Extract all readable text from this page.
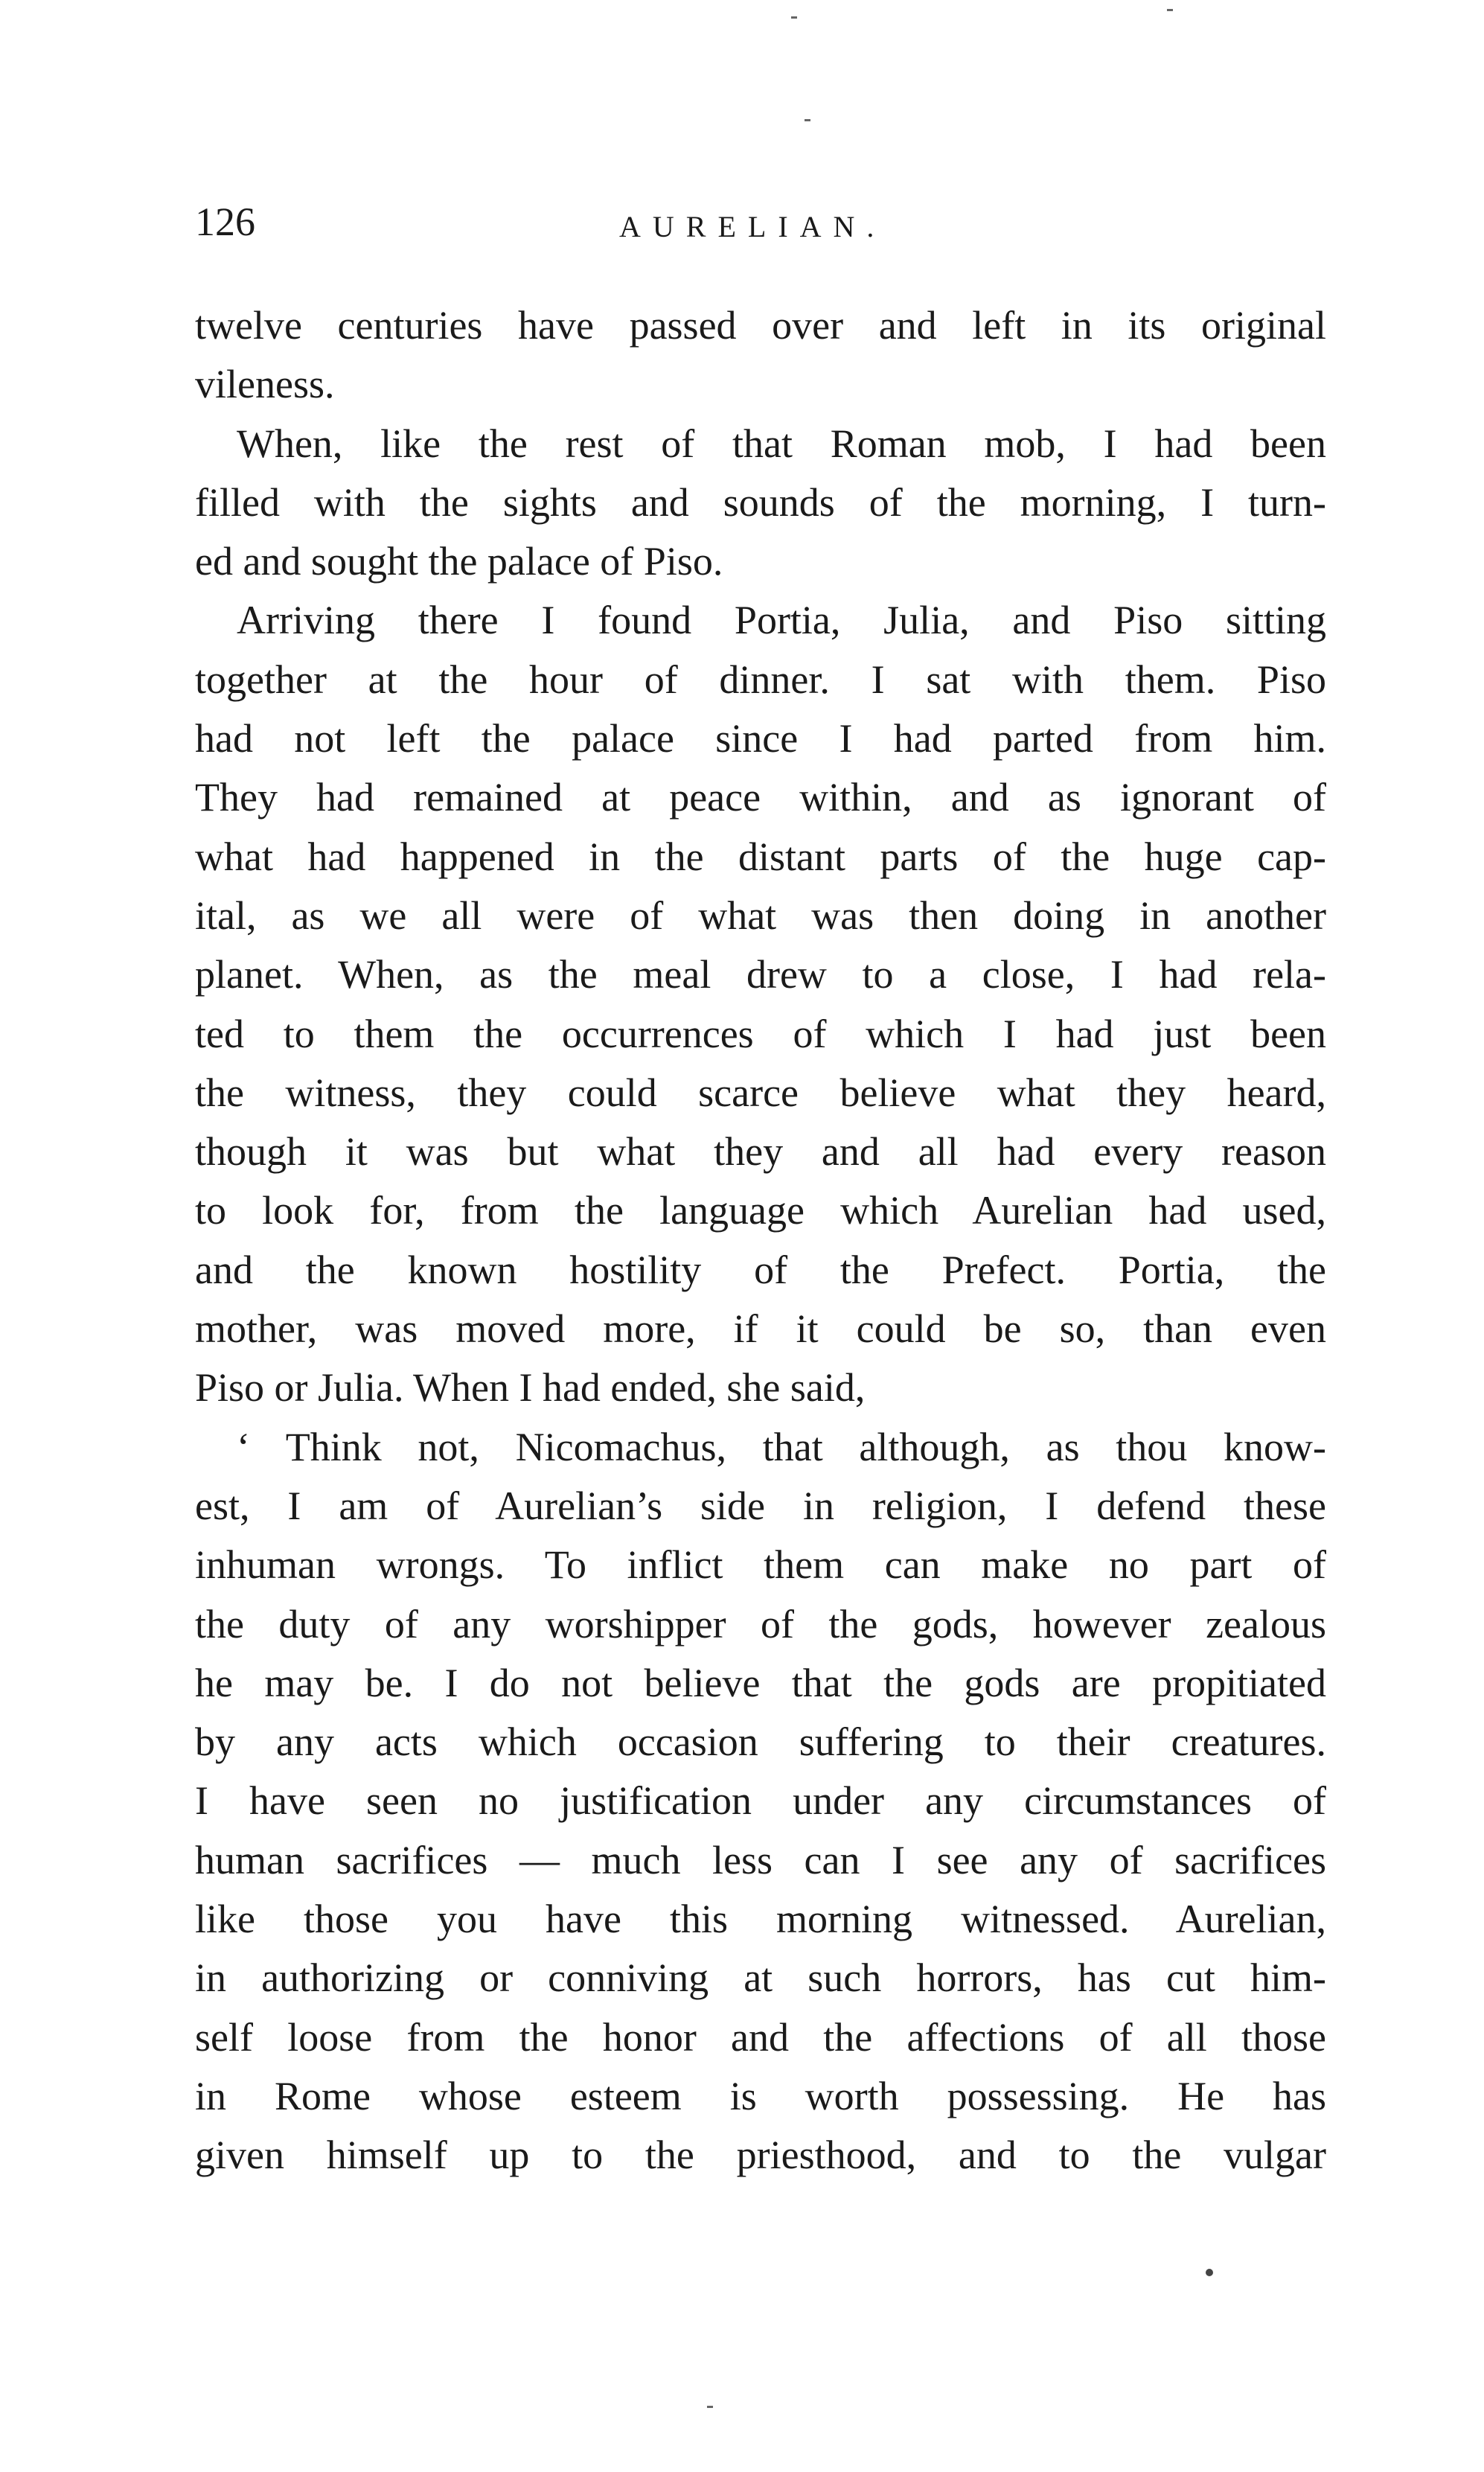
126	AURELIAN.
twelve centuries have passed over and left in its original
vileness.
When, like the rest of that Roman mob, I had been
filled with the sights and sounds of the morning, I turn-
ed and sought the palace of Piso.
Arriving there I found Portia, Julia, and Piso sitting
together at the hour of dinner. I sat with them. Piso
had not left the palace since I had parted from him.
They had remained at peace within, and as ignorant of
what had happened in the distant parts of the huge cap-
ital, as we all were of what was then doing in another
planet. When, as the meal drew to a close, I had rela-
ted to them the occurrences of which I had just been
the witness, they could scarce believe what they heard,
though it was but what they and all had every reason
to look for, from the language which Aurelian had used,
and the known hostility of the Prefect. Portia, the
mother, was moved more, if it could be so, than even
Piso or Julia. When I had ended, she said,
‘ Think not, Nicomachus, that although, as thou know-
est, I am of Aurelian’s side in religion, I defend these
inhuman wrongs. To inflict them can make no part of
the duty of any worshipper of the gods, however zealous
he may be. I do not believe that the gods are propitiated
by any acts which occasion suffering to their creatures.
I have seen no justification under any circumstances of
human sacrifices — much less can I see any of sacrifices
like those you have this morning witnessed. Aurelian,
in authorizing or conniving at such horrors, has cut him-
self loose from the honor and the affections of all those
in Rome whose esteem is worth possessing. He has
given himself up to the priesthood, and to the vulgar
